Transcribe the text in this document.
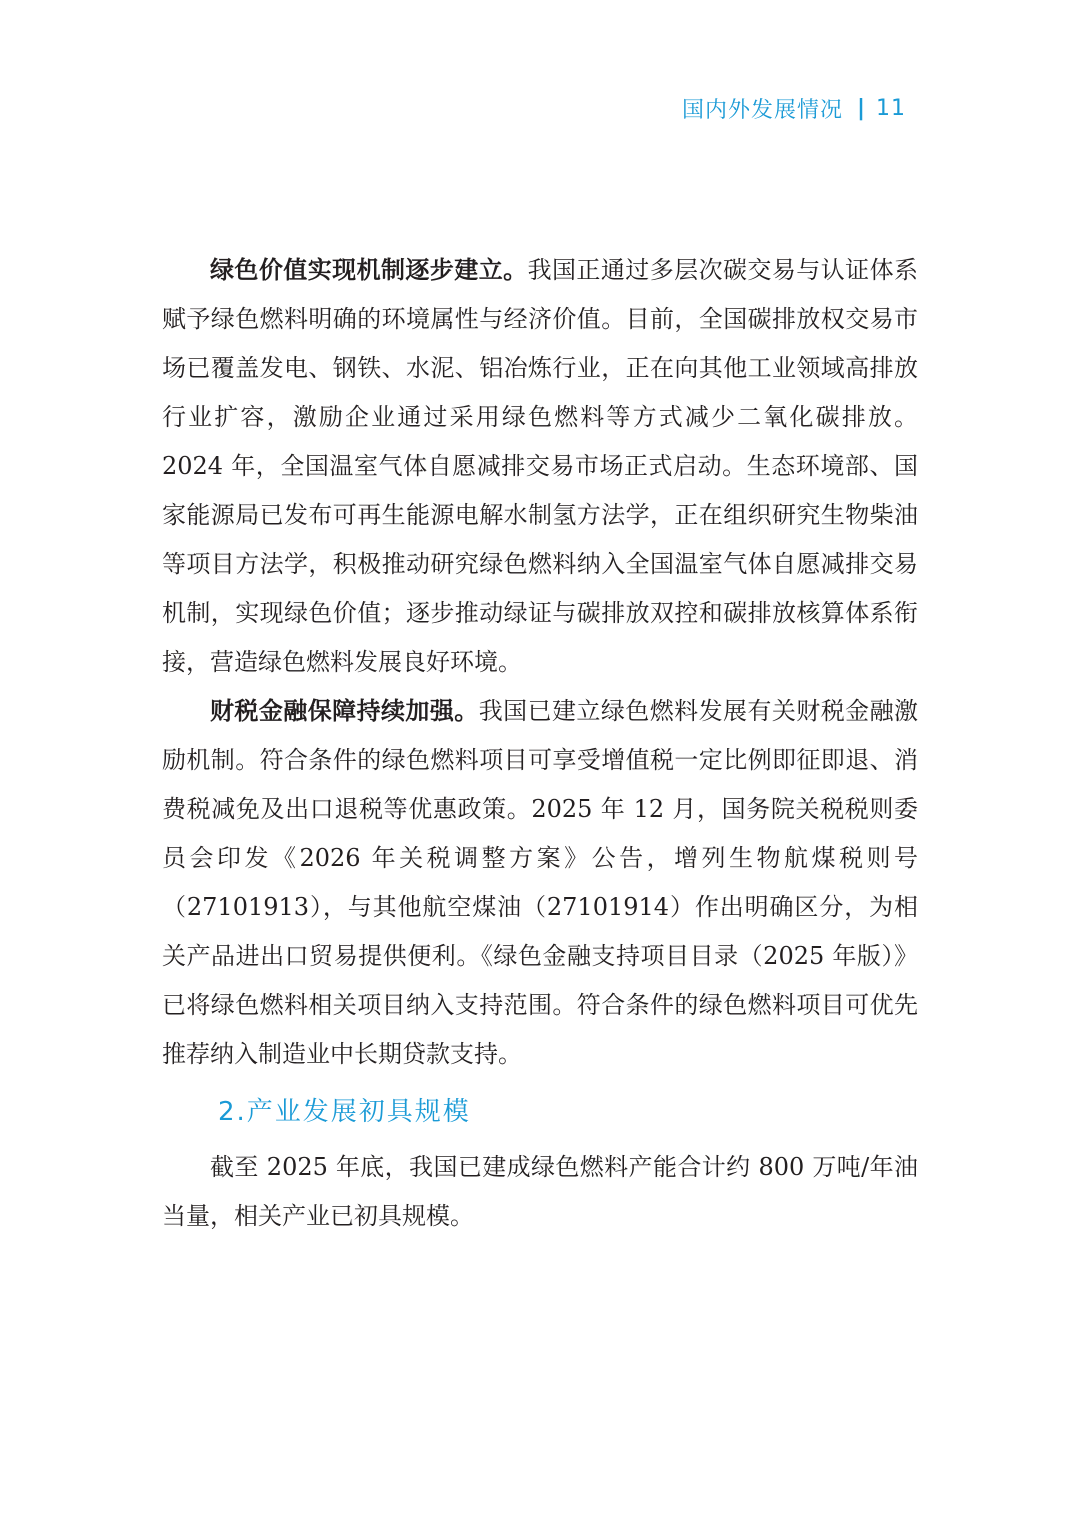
国内外发展情况 | 11

绿色价值实现机制逐步建立。我国正通过多层次碳交易与认证体系赋予绿色燃料明确的环境属性与经济价值。目前，全国碳排放权交易市场已覆盖发电、钢铁、水泥、铝冶炼行业，正在向其他工业领域高排放行业扩容，激励企业通过采用绿色燃料等方式减少二氧化碳排放。2024 年，全国温室气体自愿减排交易市场正式启动。生态环境部、国家能源局已发布可再生能源电解水制氢方法学，正在组织研究生物柴油等项目方法学，积极推动研究绿色燃料纳入全国温室气体自愿减排交易机制，实现绿色价值；逐步推动绿证与碳排放双控和碳排放核算体系衔接，营造绿色燃料发展良好环境。

财税金融保障持续加强。我国已建立绿色燃料发展有关财税金融激励机制。符合条件的绿色燃料项目可享受增值税一定比例即征即退、消费税减免及出口退税等优惠政策。2025 年 12 月，国务院关税税则委员会印发《2026 年关税调整方案》公告，增列生物航煤税则号（27101913），与其他航空煤油（27101914）作出明确区分，为相关产品进出口贸易提供便利。《绿色金融支持项目目录（2025 年版）》已将绿色燃料相关项目纳入支持范围。符合条件的绿色燃料项目可优先推荐纳入制造业中长期贷款支持。

2.产业发展初具规模

截至 2025 年底，我国已建成绿色燃料产能合计约 800 万吨/年油当量，相关产业已初具规模。
